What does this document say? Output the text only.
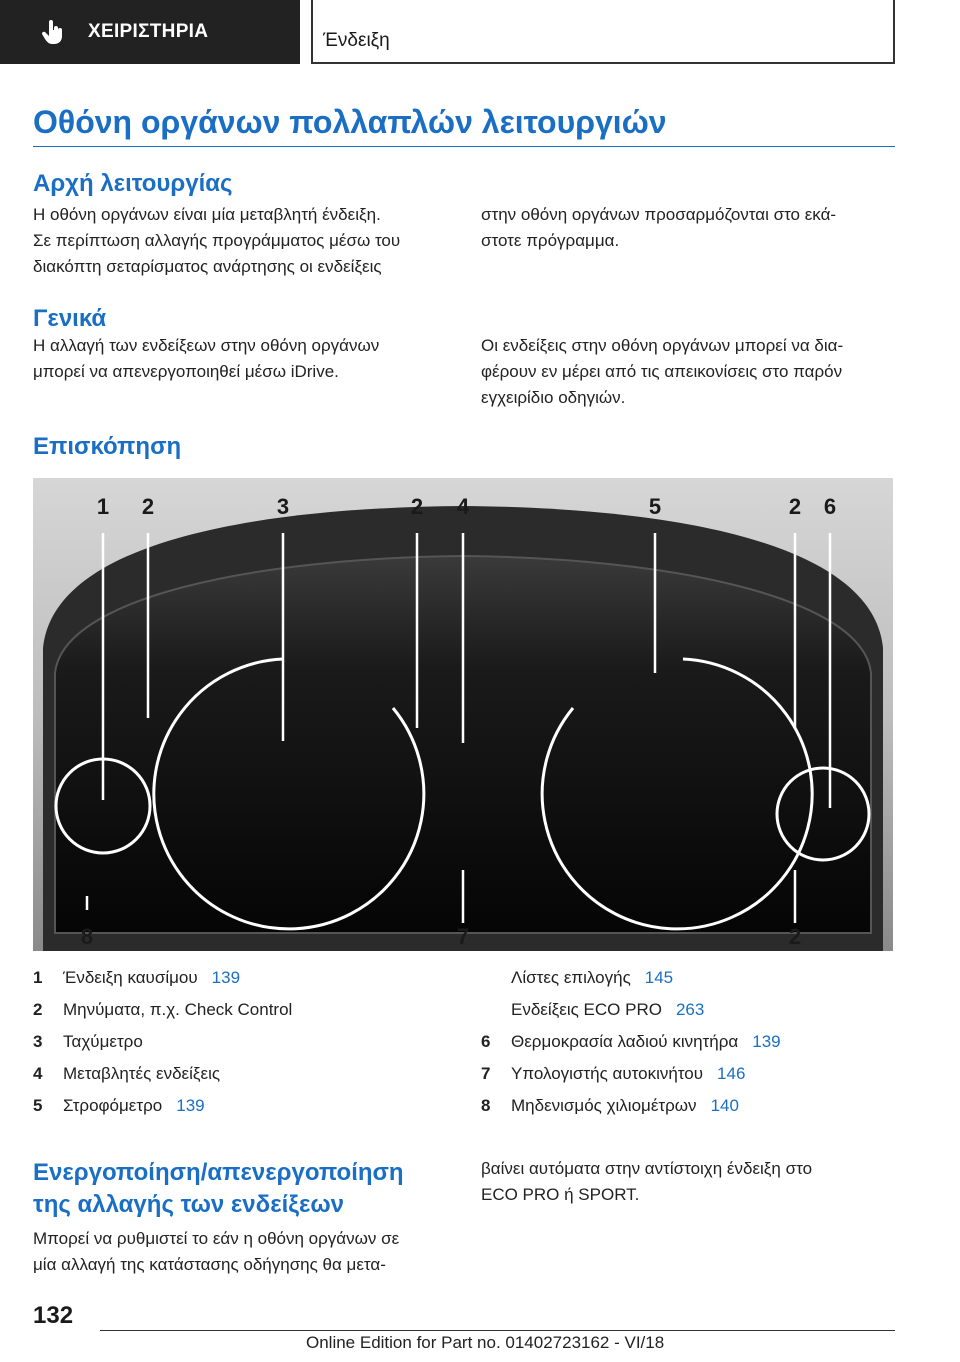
ΧΕΙΡΙΣΤΗΡΙΑ	Ένδειξη
Οθόνη οργάνων πολλαπλών λειτουργιών
Αρχή λειτουργίας
Η οθόνη οργάνων είναι μία μεταβλητή ένδειξη.
Σε περίπτωση αλλαγής προγράμματος μέσω του
διακόπτη σεταρίσματος ανάρτησης οι ενδείξεις
στην οθόνη οργάνων προσαρμόζονται στο εκά-
στοτε πρόγραμμα.
Γενικά
Η αλλαγή των ενδείξεων στην οθόνη οργάνων
μπορεί να απενεργοποιηθεί μέσω iDrive.
Οι ενδείξεις στην οθόνη οργάνων μπορεί να δια-
φέρουν εν μέρει από τις απεικονίσεις στο παρόν
εγχειρίδιο οδηγιών.
Επισκόπηση
1 2	3	2 4	5	2 6
8	7	2
1	Ένδειξη καυσίμου 139
2	Μηνύματα, π.χ. Check Control
3	Ταχύμετρο
4	Μεταβλητές ενδείξεις
5	Στροφόμετρο 139
Λίστες επιλογής 145
Ενδείξεις ECO PRO 263
6	Θερμοκρασία λαδιού κινητήρα 139
7	Υπολογιστής αυτοκινήτου 146
8	Μηδενισμός χιλιομέτρων 140
Ενεργοποίηση/απενεργοποίηση
της αλλαγής των ενδείξεων
Μπορεί να ρυθμιστεί το εάν η οθόνη οργάνων σε
μία αλλαγή της κατάστασης οδήγησης θα μετα-
βαίνει αυτόματα στην αντίστοιχη ένδειξη στο
ECO PRO ή SPORT.
132
Online Edition for Part no. 01402723162 - VI/18
